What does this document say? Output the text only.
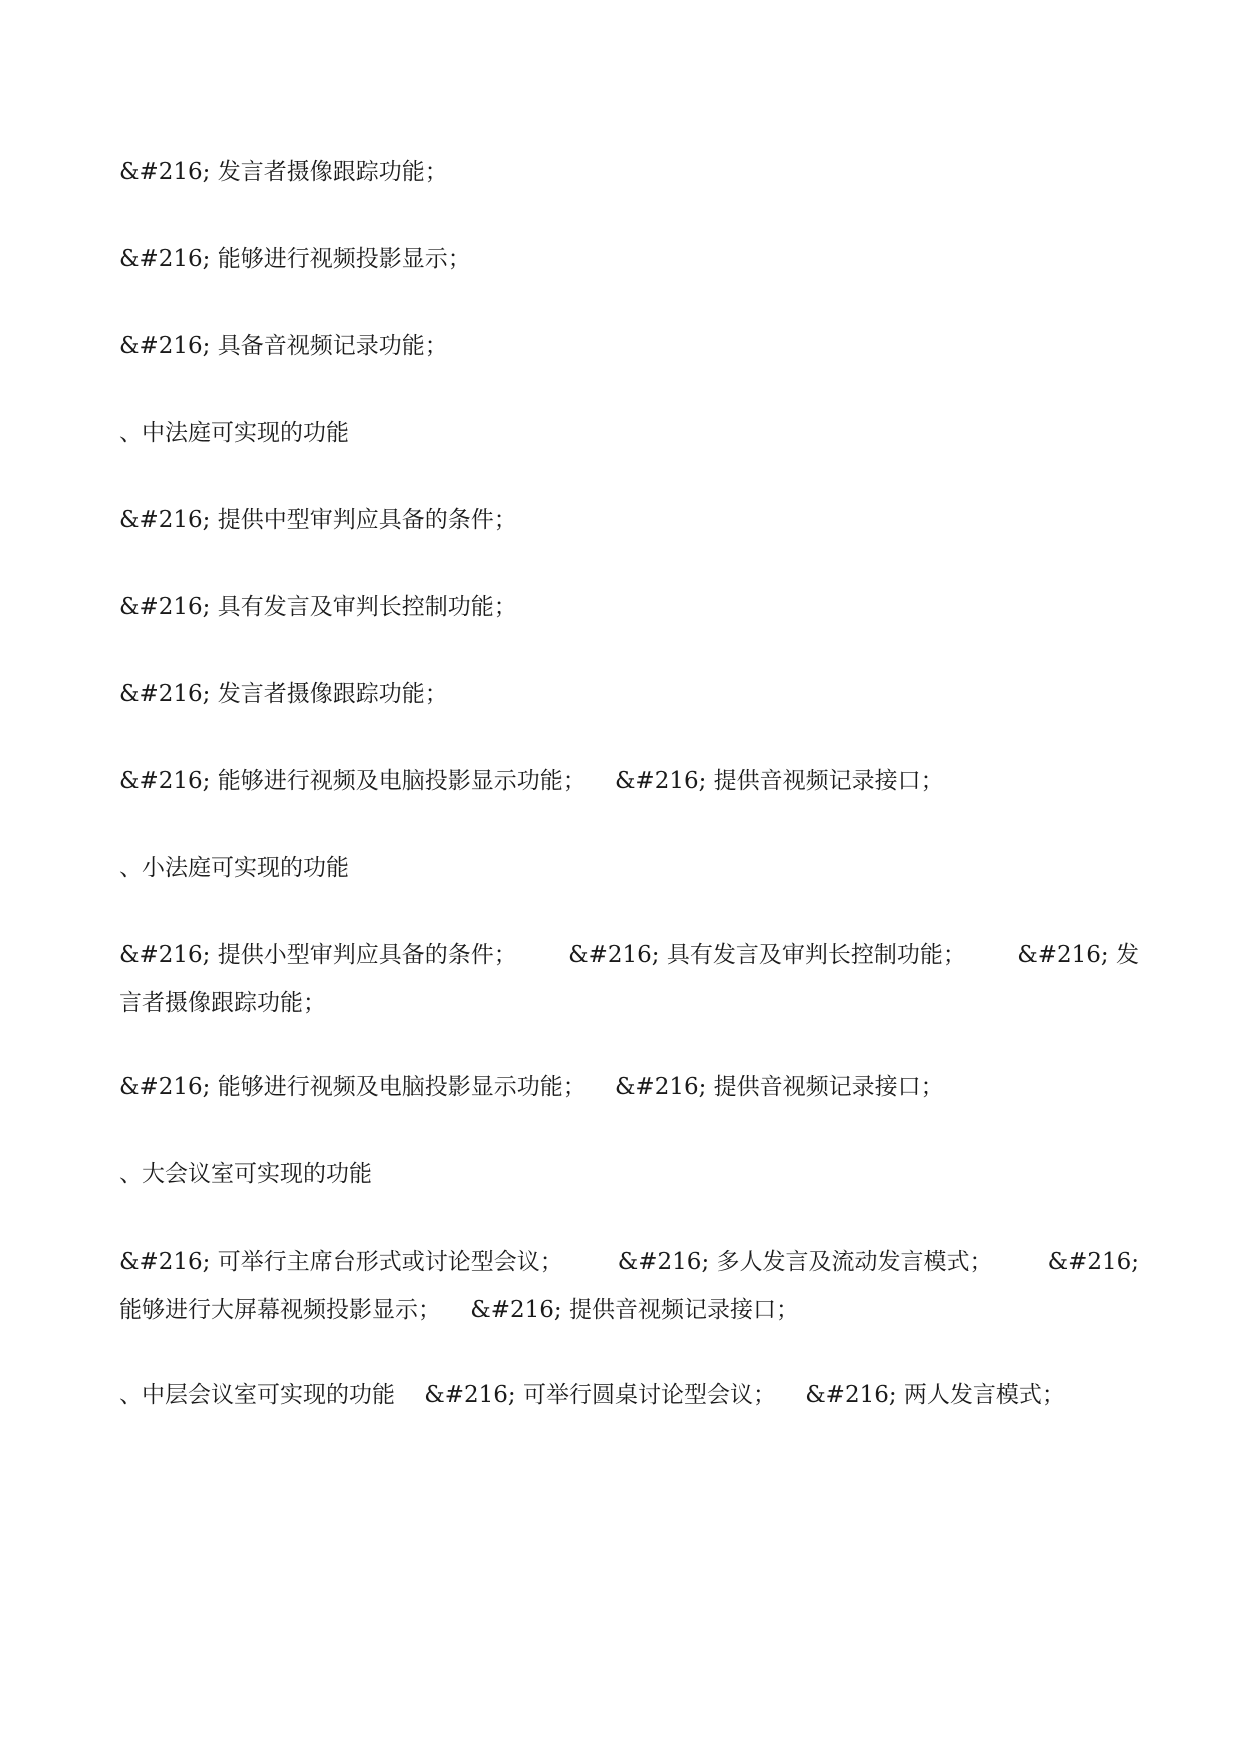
&#216; 发言者摄像跟踪功能；
&#216; 能够进行视频投影显示；
&#216; 具备音视频记录功能；
、中法庭可实现的功能
&#216; 提供中型审判应具备的条件；
&#216; 具有发言及审判长控制功能；
&#216; 发言者摄像跟踪功能；
&#216; 能够进行视频及电脑投影显示功能；    &#216; 提供音视频记录接口；
、小法庭可实现的功能
&#216; 提供小型审判应具备的条件； &#216; 具有发言及审判长控制功能； &#216; 发
言者摄像跟踪功能；
&#216; 能够进行视频及电脑投影显示功能；    &#216; 提供音视频记录接口；
、大会议室可实现的功能
&#216; 可举行主席台形式或讨论型会议； &#216; 多人发言及流动发言模式； &#216;
能够进行大屏幕视频投影显示；    &#216; 提供音视频记录接口；
、中层会议室可实现的功能    &#216; 可举行圆桌讨论型会议；    &#216; 两人发言模式；
